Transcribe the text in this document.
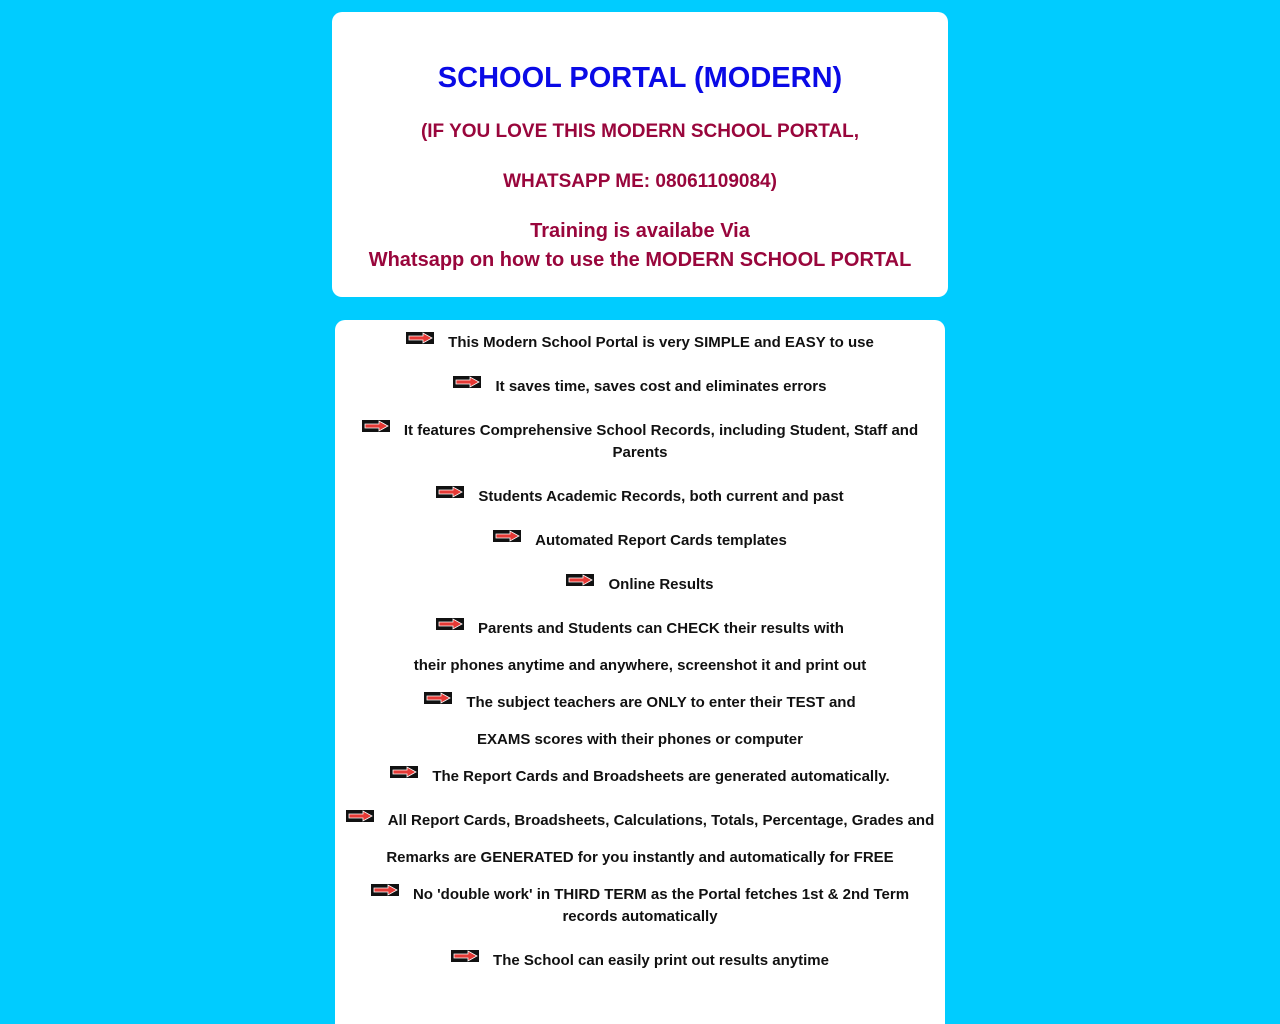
SCHOOL PORTAL (MODERN)

(IF YOU LOVE THIS MODERN SCHOOL PORTAL,

WHATSAPP ME: 08061109084)

Training is availabe Via
Whatsapp on how to use the MODERN SCHOOL PORTAL

This Modern School Portal is very SIMPLE and EASY to use

It saves time, saves cost and eliminates errors

It features Comprehensive School Records, including Student, Staff and Parents

Students Academic Records, both current and past

Automated Report Cards templates

Online Results

Parents and Students can CHECK their results with

their phones anytime and anywhere, screenshot it and print out

The subject teachers are ONLY to enter their TEST and

EXAMS scores with their phones or computer

The Report Cards and Broadsheets are generated automatically.

All Report Cards, Broadsheets, Calculations, Totals, Percentage, Grades and

Remarks are GENERATED for you instantly and automatically for FREE

No 'double work' in THIRD TERM as the Portal fetches 1st & 2nd Term records automatically

The School can easily print out results anytime
